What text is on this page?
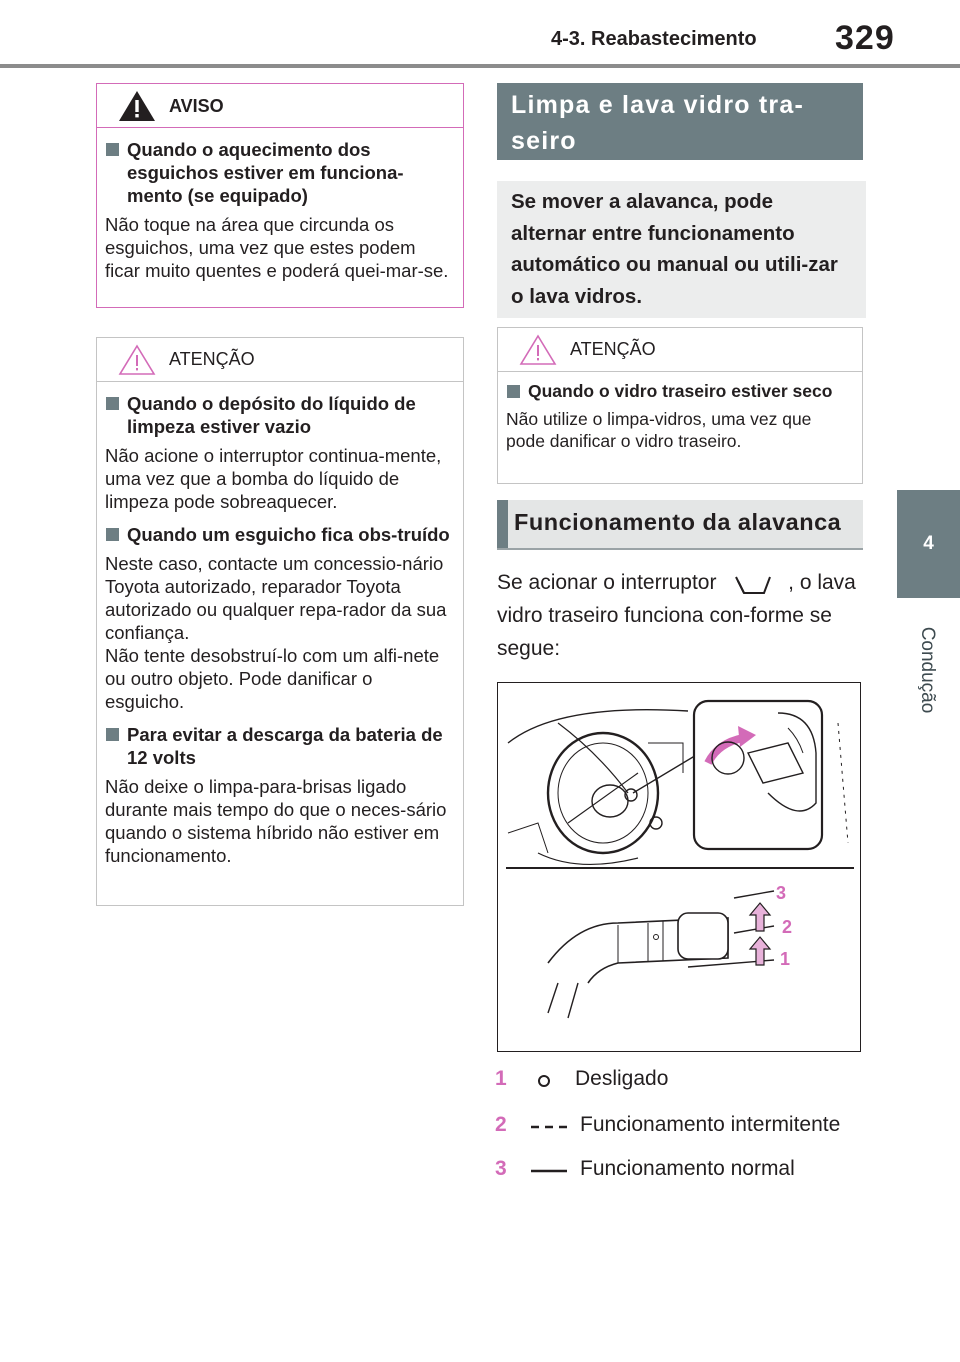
4-3. Reabastecimento 329
4
Condução
AVISO
Quando o aquecimento dos esguichos estiver em funciona-mento (se equipado)
Não toque na área que circunda os esguichos, uma vez que estes podem ficar muito quentes e poderá quei-mar-se.
ATENÇÃO
Quando o depósito do líquido de limpeza estiver vazio
Não acione o interruptor continua-mente, uma vez que a bomba do líquido de limpeza pode sobreaquecer.
Quando um esguicho fica obs-truído
Neste caso, contacte um concessio-nário Toyota autorizado, reparador Toyota autorizado ou qualquer repa-rador da sua confiança.
Não tente desobstruí-lo com um alfi-nete ou outro objeto. Pode danificar o esguicho.
Para evitar a descarga da bateria de 12 volts
Não deixe o limpa-para-brisas ligado durante mais tempo do que o neces-sário quando o sistema híbrido não estiver em funcionamento.
Limpa e lava vidro tra-seiro
Se mover a alavanca, pode alternar entre funcionamento automático ou manual ou utili-zar o lava vidros.
ATENÇÃO
Quando o vidro traseiro estiver seco
Não utilize o limpa-vidros, uma vez que pode danificar o vidro traseiro.
Funcionamento da alavanca
Se acionar o interruptor	, o lava vidro traseiro funciona con-forme se segue:
3
2
1
1	Desligado
2	Funcionamento intermitente
3	Funcionamento normal
